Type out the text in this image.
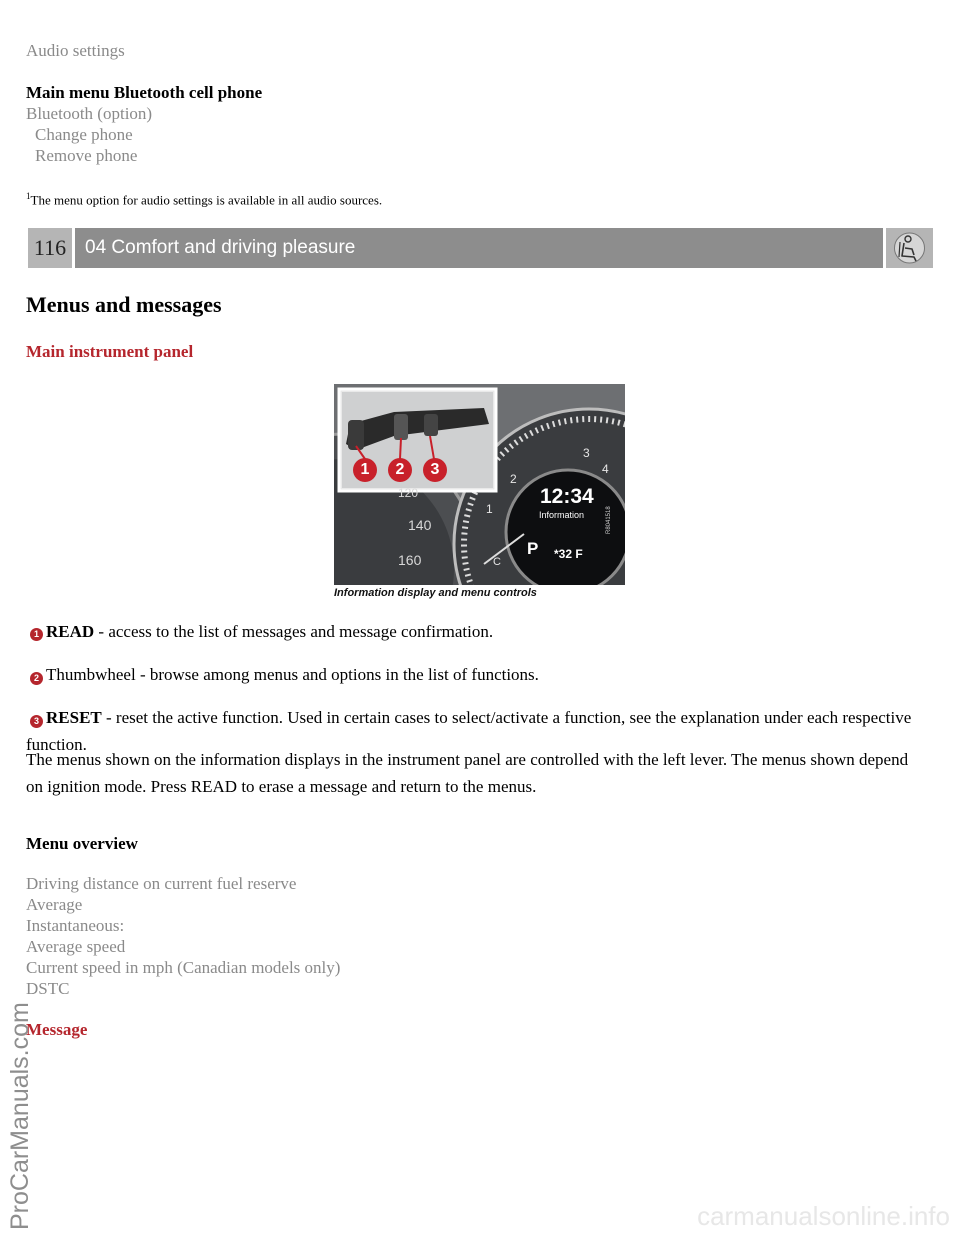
Audio settings
Main menu Bluetooth cell phone
Bluetooth (option)
Change phone
Remove phone
$^1$The menu option for audio settings is available in all audio sources.
116 04 Comfort and driving pleasure
Menus and messages
Main instrument panel
1	2	3
2
3
4
1
C
120
140
160
12:34
Information
P *32 F
R8041518
Information display and menu controls
READ - access to the list of messages and message confirmation.
1
Thumbwheel - browse among menus and options in the list of functions.
2
RESET - reset the active function. Used in certain cases to select/activate a function, see the explanation under each respective function.
3
The menus shown on the information displays in the instrument panel are controlled with the left lever. The menus shown depend on ignition mode. Press READ to erase a message and return to the menus.
Menu overview
Driving distance on current fuel reserve
Average
Instantaneous:
Average speed
Current speed in mph (Canadian models only)
DSTC
Message
ProCarManuals.com	carmanualsonline.info
